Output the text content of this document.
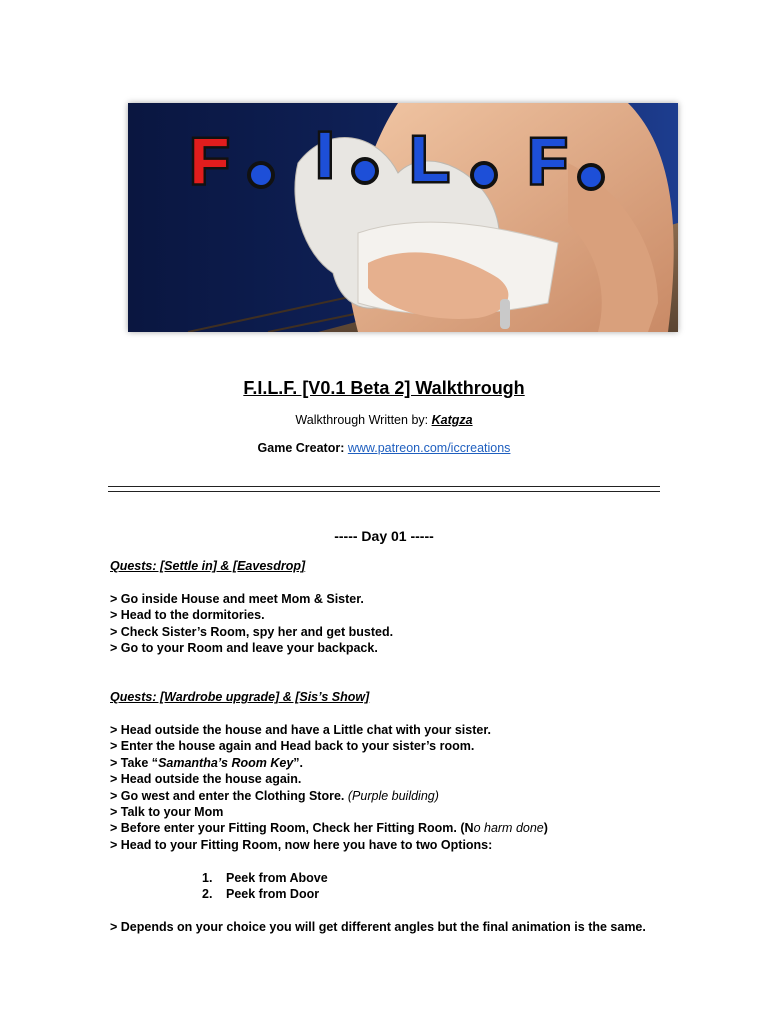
F I L F
F.I.L.F. [V0.1 Beta 2] Walkthrough
Walkthrough Written by: Katgza
Game Creator: www.patreon.com/iccreations
----- Day 01 -----
Quests: [Settle in] & [Eavesdrop]
> Go inside House and meet Mom & Sister.
> Head to the dormitories.
> Check Sister’s Room, spy her and get busted.
> Go to your Room and leave your backpack.
Quests: [Wardrobe upgrade] & [Sis’s Show]
> Head outside the house and have a Little chat with your sister.
> Enter the house again and Head back to your sister’s room.
> Take “Samantha’s Room Key”.
> Head outside the house again.
> Go west and enter the Clothing Store. (Purple building)
> Talk to your Mom
> Before enter your Fitting Room, Check her Fitting Room. (No harm done)
> Head to your Fitting Room, now here you have to two Options:
1. Peek from Above
2. Peek from Door
> Depends on your choice you will get different angles but the final animation is the same.
